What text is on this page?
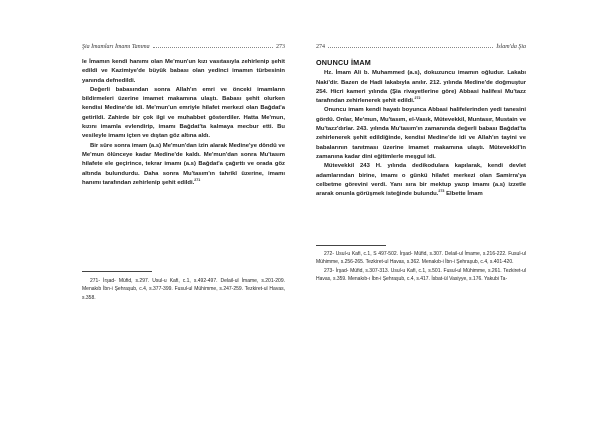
Şia İmamları İmamı Tanıma	273

le İmamın kendi hanımı olan Me'mun'un kızı vasıtasıyla zehirlenip şehit edildi ve Kazimiye'de büyük babası olan yedinci imamın türbesinin yanında defnedildi.

Değerli babasından sonra Allah'ın emri ve önceki imamların bildirmeleri üzerine imamet makamına ulaştı. Babası şehit olurken kendisi Medine'de idi. Me'mun'un emriyle hilafet merkezi olan Bağdat'a getirildi. Zahirde bir çok ilgi ve muhabbet gösterdiler. Hatta Me'mun, kızını imamla evlendirip, imamı Bağdat'ta kalmaya mecbur etti. Bu vesileyle imamı içten ve dıştan göz altına aldı.

Bir süre sonra imam (a.s) Me'mun'dan izin alarak Medine'ye döndü ve Me'mun ölünceye kadar Medine'de kaldı. Me'mun'dan sonra Mu'tasım hilafete ele geçirince, tekrar imamı (a.s) Bağdat'a çağırttı ve orada göz altında bulundurdu. Daha sonra Mu'tasım'ın tahrikî üzerine, imamı hanımı tarafından zehirlenip şehit edildi.$^{271}$

271- İrşad- Müfid, s.297. Usul-u Kafi, c.1, s.492-497. Delail-ul İmame, s.201-209. Menakıb İbn-i Şehraşub, c.4, s.377-399. Fusul-ul Mühimme, s.247-259. Tezkiret-ul Havas, s.358.

274	İslam'da Şia
ONUNCU İMAM

Hz. İmam Ali b. Muhammed (a.s), dokuzuncu imamın oğludur. Lakabı Naki'dir. Bazen de Hadi lakabıyla anılır. 212. yılında Medine'de doğmuştur 254. Hicri kameri yılında (Şia rivayetlerine göre) Abbasi halifesi Mu'tazz tarafından zehirlenerek şehit edildi.$^{272}$

Onuncu imam kendi hayatı boyunca Abbasi halifelerinden yedi tanesini gördü. Onlar, Me'mun, Mu'tasım, el-Vasık, Mütevekkil, Muntasır, Mustain ve Mu'tazz'dırlar. 243. yılında Mu'tasım'ın zamanında değerli babası Bağdat'ta zehirlenerek şehit edildiğinde, kendisi Medine'de idi ve Allah'ın tayini ve babalarının tanıtması üzerine imamet makamına ulaştı. Mütevekkil'in zamanına kadar dini eğitimlerle meşgul idi.

Mütevekkil 243 H. yılında dedikodulara kapılarak, kendi devlet adamlarından birine, imamı o günkü hilafet merkezi olan Samirra'ya celbetme görevini verdi. Yanı sıra bir mektup yazıp imamı (a.s) izzetle ararak onunla görüşmek isteğinde bulundu.$^{273}$ Elbette İmam

272- Usul-u Kafi, c.1, S 497-502. İrşad- Müfid, s.307. Delail-ul İmame, s.216-222. Fusul-ul Mühimme, s.256-265. Tezkiret-ul Havas, s.362. Menakıb-i İbn-i Şehraşub, c.4, s.401-420.

273- İrşad- Müfid, s.307-313. Usul-u Kafi, c.1, s.501. Fusul-ul Mühimme, s.261. Tezkiret-ul Havas, s.359. Menakıb-ı İbn-i Şehraşub, c.4, s.417. İsbat-ül Vasiyye, s.176. Yakubi Ta-
